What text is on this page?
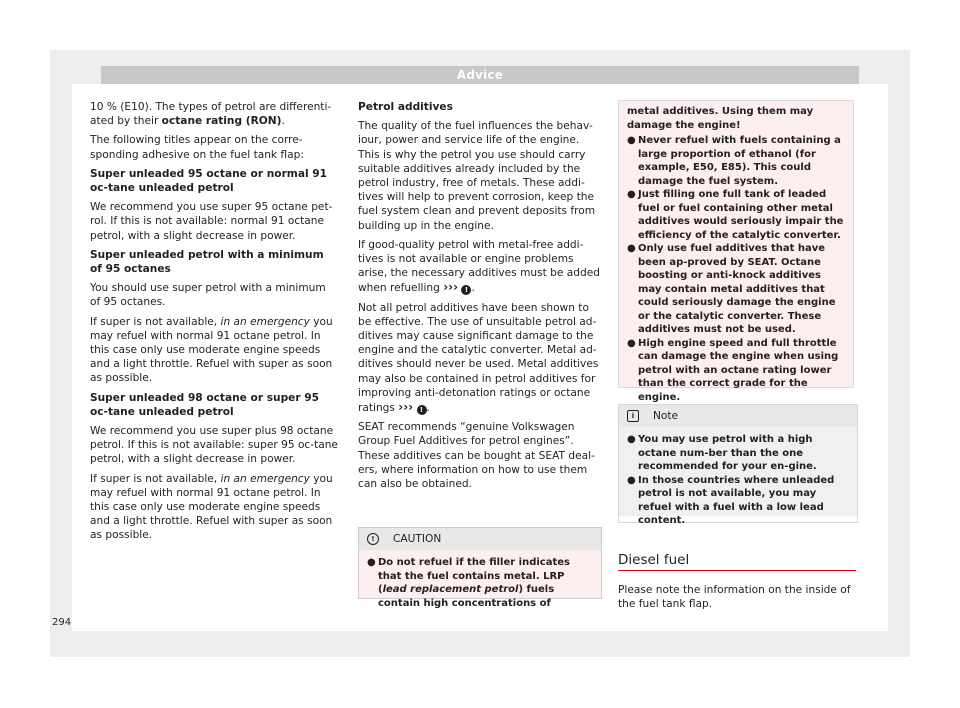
Advice

10 % (E10). The types of petrol are differenti-ated by their octane rating (RON).

The following titles appear on the corre-sponding adhesive on the fuel tank flap:

Super unleaded 95 octane or normal 91 oc-tane unleaded petrol

We recommend you use super 95 octane pet-rol. If this is not available: normal 91 octane petrol, with a slight decrease in power.

Super unleaded petrol with a minimum of 95 octanes

You should use super petrol with a minimum of 95 octanes.

If super is not available, in an emergency you may refuel with normal 91 octane petrol. In this case only use moderate engine speeds and a light throttle. Refuel with super as soon as possible.

Super unleaded 98 octane or super 95 oc-tane unleaded petrol

We recommend you use super plus 98 octane petrol. If this is not available: super 95 oc-tane petrol, with a slight decrease in power.

If super is not available, in an emergency you may refuel with normal 91 octane petrol. In this case only use moderate engine speeds and a light throttle. Refuel with super as soon as possible.

Petrol additives

The quality of the fuel influences the behav-iour, power and service life of the engine. This is why the petrol you use should carry suitable additives already included by the petrol industry, free of metals. These addi-tives will help to prevent corrosion, keep the fuel system clean and prevent deposits from building up in the engine.

If good-quality petrol with metal-free addi-tives is not available or engine problems arise, the necessary additives must be added when refuelling ››› ! .

Not all petrol additives have been shown to be effective. The use of unsuitable petrol ad-ditives may cause significant damage to the engine and the catalytic converter. Metal ad-ditives should never be used. Metal additives may also be contained in petrol additives for improving anti-detonation ratings or octane ratings ››› ! .

SEAT recommends “genuine Volkswagen Group Fuel Additives for petrol engines”. These additives can be bought at SEAT deal-ers, where information on how to use them can also be obtained.

!	CAUTION
● Do not refuel if the filler indicates that the fuel contains metal. LRP (lead replacement petrol) fuels contain high concentrations of

metal additives. Using them may damage the engine!

● Never refuel with fuels containing a large proportion of ethanol (for example, E50, E85). This could damage the fuel system.
● Just filling one full tank of leaded fuel or fuel containing other metal additives would seriously impair the efficiency of the catalytic converter.
● Only use fuel additives that have been ap-proved by SEAT. Octane boosting or anti-knock additives may contain metal additives that could seriously damage the engine or the catalytic converter. These additives must not be used.
● High engine speed and full throttle can damage the engine when using petrol with an octane rating lower than the correct grade for the engine.
i	Note
● You may use petrol with a high octane num-ber than the one recommended for your en-gine.
● In those countries where unleaded petrol is not available, you may refuel with a fuel with a low lead content.
Diesel fuel
Please note the information on the inside of the fuel tank flap.
294
